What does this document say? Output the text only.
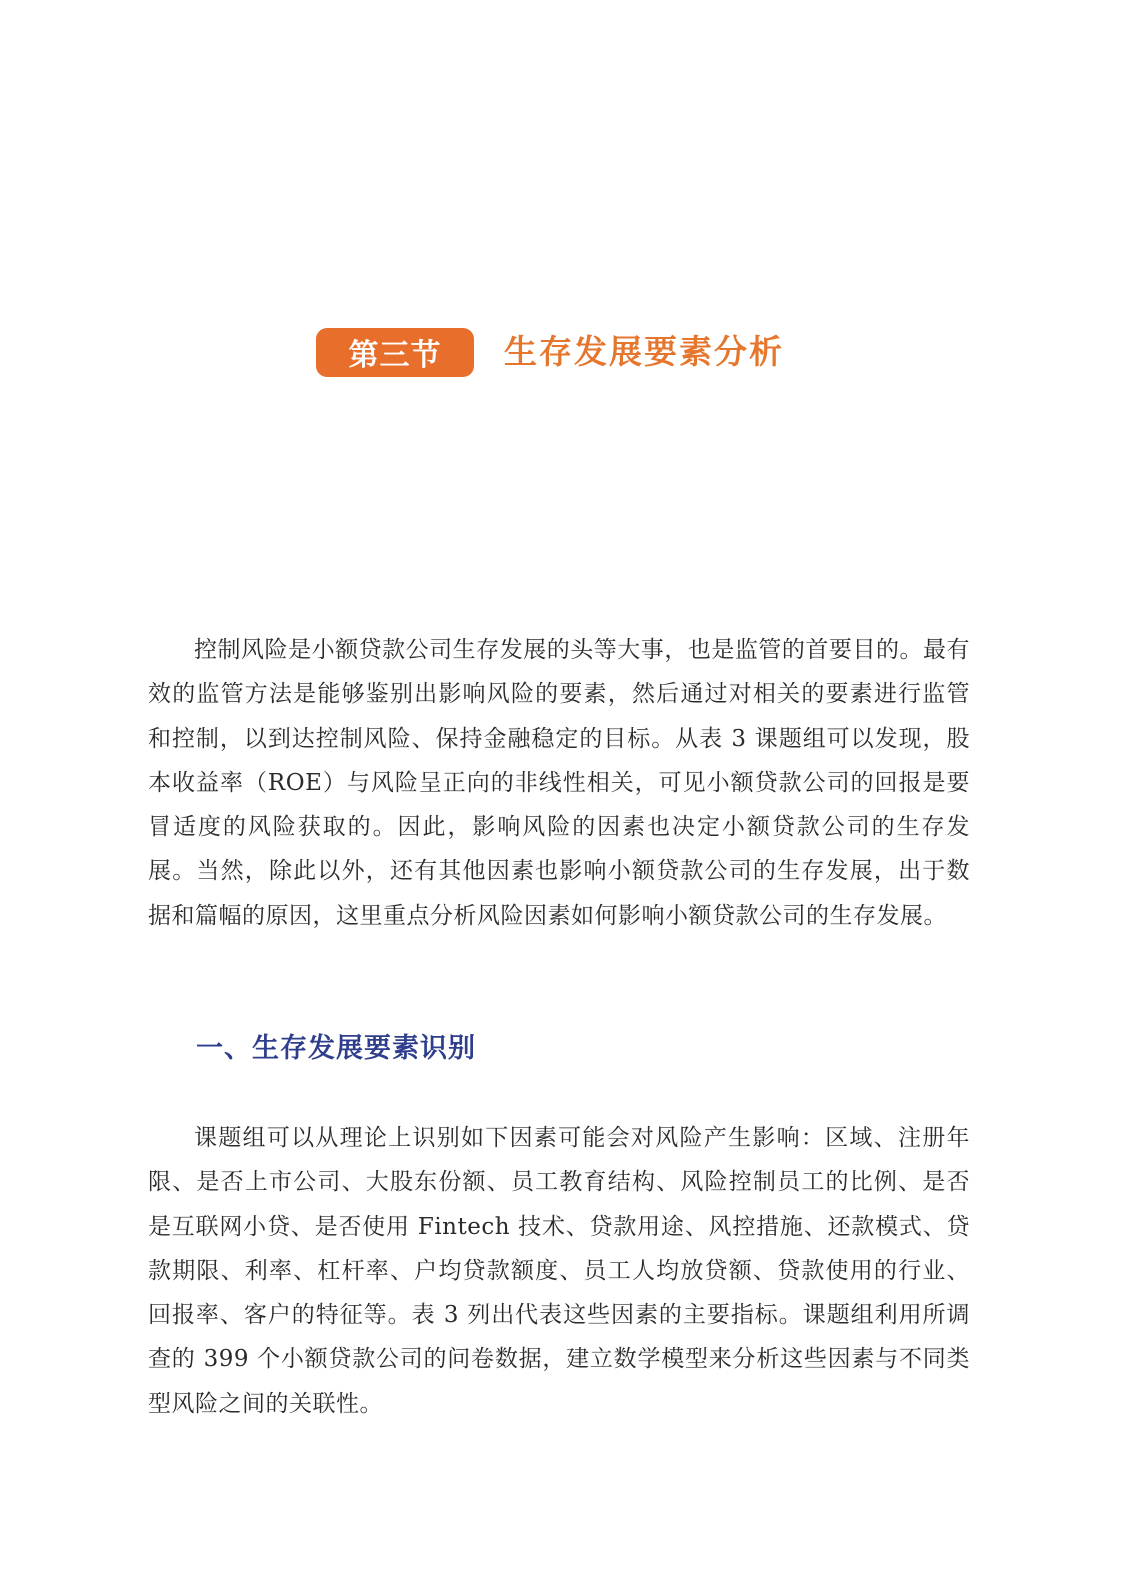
第三节	生存发展要素分析

控制风险是小额贷款公司生存发展的头等大事，也是监管的首要目的。最有效的监管方法是能够鉴别出影响风险的要素，然后通过对相关的要素进行监管和控制，以到达控制风险、保持金融稳定的目标。从表 3 课题组可以发现，股本收益率（ROE）与风险呈正向的非线性相关，可见小额贷款公司的回报是要冒适度的风险获取的。因此，影响风险的因素也决定小额贷款公司的生存发展。当然，除此以外，还有其他因素也影响小额贷款公司的生存发展，出于数据和篇幅的原因，这里重点分析风险因素如何影响小额贷款公司的生存发展。

一、生存发展要素识别

课题组可以从理论上识别如下因素可能会对风险产生影响：区域、注册年限、是否上市公司、大股东份额、员工教育结构、风险控制员工的比例、是否是互联网小贷、是否使用 Fintech 技术、贷款用途、风控措施、还款模式、贷款期限、利率、杠杆率、户均贷款额度、员工人均放贷额、贷款使用的行业、回报率、客户的特征等。表 3 列出代表这些因素的主要指标。课题组利用所调查的 399 个小额贷款公司的问卷数据，建立数学模型来分析这些因素与不同类型风险之间的关联性。
